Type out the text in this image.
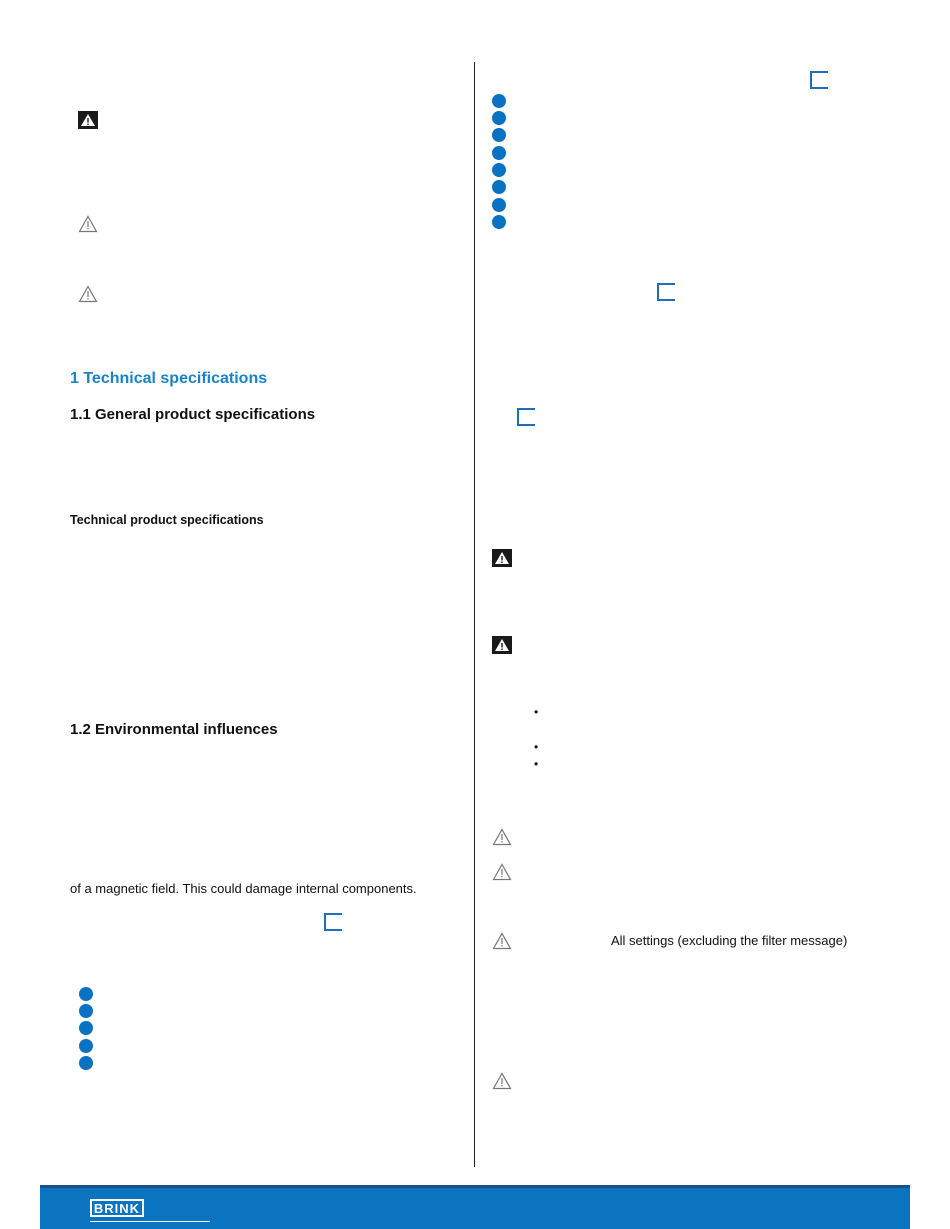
1 Technical specifications
1.1 General product specifications
Technical product specifications
1.2 Environmental influences
of a magnetic field. This could damage internal components.
•
•
•
All settings (excluding the filter message)
BRINK
